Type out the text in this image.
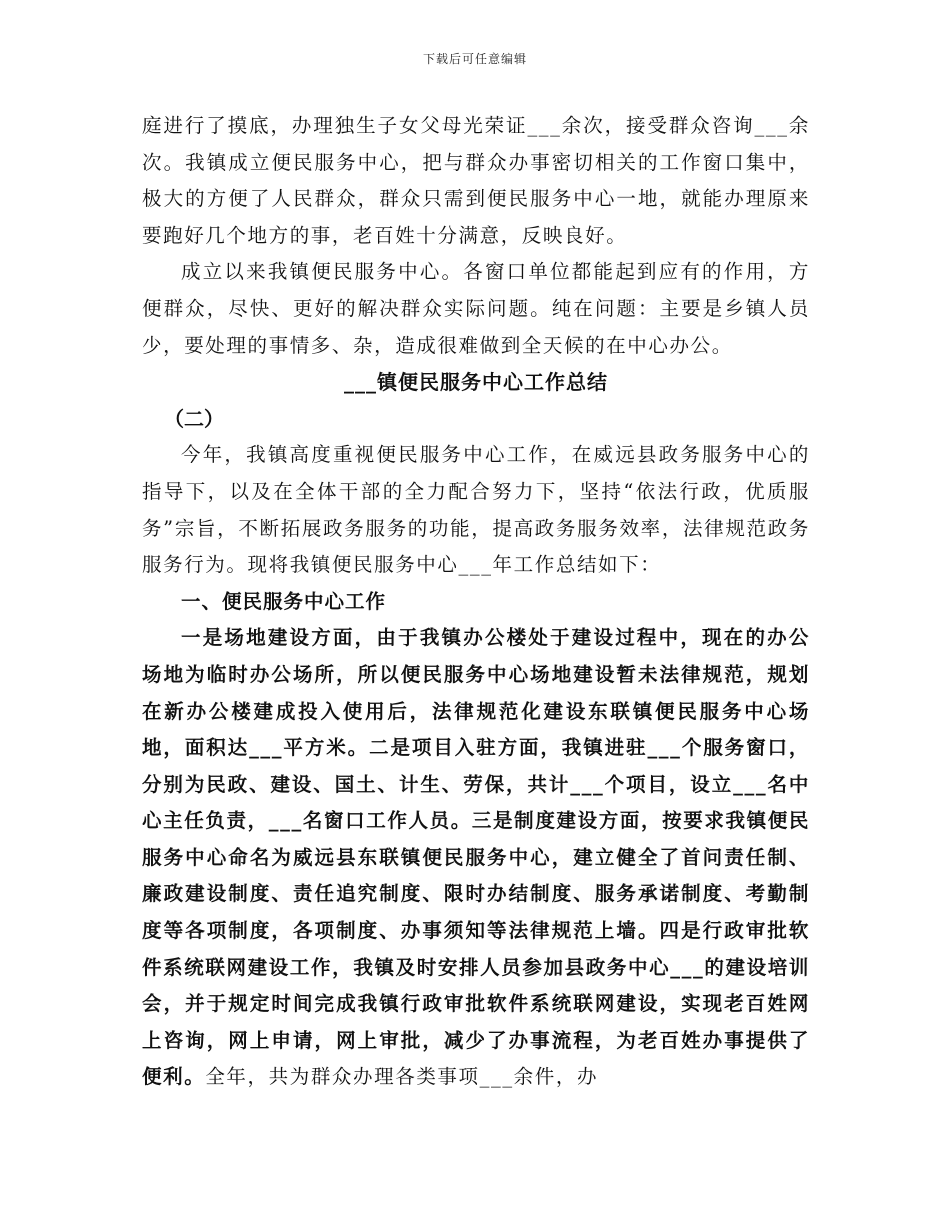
下载后可任意编辑

庭进行了摸底，办理独生子女父母光荣证___余次，接受群众咨询___余次。我镇成立便民服务中心，把与群众办事密切相关的工作窗口集中，极大的方便了人民群众，群众只需到便民服务中心一地，就能办理原来要跑好几个地方的事，老百姓十分满意，反映良好。

成立以来我镇便民服务中心。各窗口单位都能起到应有的作用，方便群众，尽快、更好的解决群众实际问题。纯在问题：主要是乡镇人员少，要处理的事情多、杂，造成很难做到全天候的在中心办公。

___镇便民服务中心工作总结

（二）

今年，我镇高度重视便民服务中心工作，在威远县政务服务中心的指导下，以及在全体干部的全力配合努力下，坚持“依法行政，优质服务”宗旨，不断拓展政务服务的功能，提高政务服务效率，法律规范政务服务行为。现将我镇便民服务中心___年工作总结如下：

一、便民服务中心工作

一是场地建设方面，由于我镇办公楼处于建设过程中，现在的办公场地为临时办公场所，所以便民服务中心场地建设暂未法律规范，规划在新办公楼建成投入使用后，法律规范化建设东联镇便民服务中心场地，面积达___平方米。二是项目入驻方面，我镇进驻___个服务窗口，分别为民政、建设、国土、计生、劳保，共计___个项目，设立___名中心主任负责，___名窗口工作人员。三是制度建设方面，按要求我镇便民服务中心命名为威远县东联镇便民服务中心，建立健全了首问责任制、廉政建设制度、责任追究制度、限时办结制度、服务承诺制度、考勤制度等各项制度，各项制度、办事须知等法律规范上墙。四是行政审批软件系统联网建设工作，我镇及时安排人员参加县政务中心___的建设培训会，并于规定时间完成我镇行政审批软件系统联网建设，实现老百姓网上咨询，网上申请，网上审批，减少了办事流程，为老百姓办事提供了便利。全年，共为群众办理各类事项___余件，办
